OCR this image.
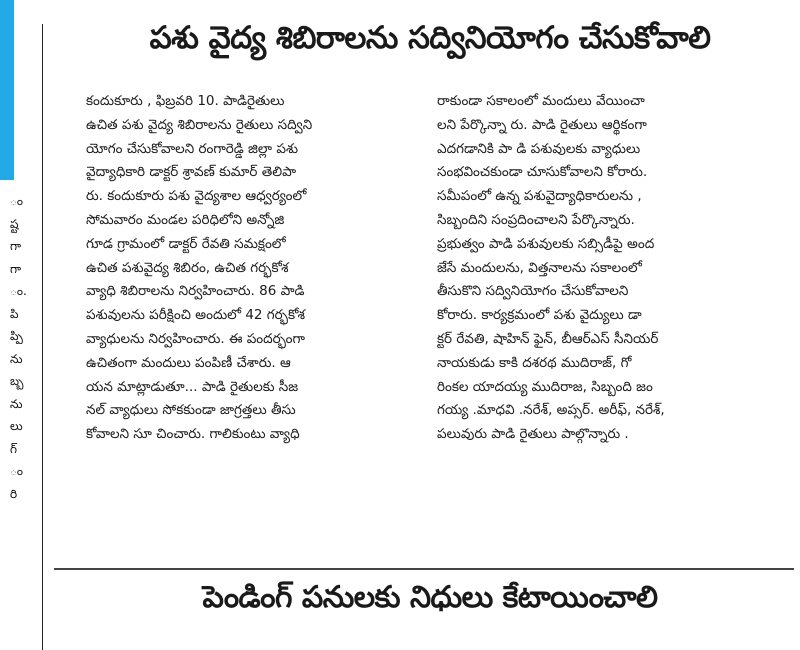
ం
ష్ట
గా
గా
ం.
పి
ప్పి
ను
బ్బ
ను
లు
గ్
ం
రి
పశు వైద్య శిబిరాలను సద్వినియోగం చేసుకోవాలి
కందుకూరు , ఫిబ్రవరి 10. పాడిరైతులు
ఉచిత పశు వైద్య శిబిరాలను రైతులు సద్విని
యోగం చేసుకోవాలని రంగారెడ్డి జిల్లా పశు
వైద్యాధికారి డాక్టర్ శ్రావణ్ కుమార్ తెలిపా
రు. కందుకూరు పశు వైద్యశాల ఆధ్వర్యంలో
సోమవారం మండల పరిధిలోని అన్నోజి
గూడ గ్రామంలో డాక్టర్ రేవతి సమక్షంలో
ఉచిత పశువైద్య శిబిరం, ఉచిత గర్భకోశ
వ్యాధి శిబిరాలను నిర్వహించారు. 86 పాడి
పశువులను పరీక్షించి అందులో 42 గర్భకోశ
వ్యాధులను నిర్వహించారు. ఈ పందర్భంగా
ఉచితంగా మందులు పంపిణీ చేశారు. ఆ
యన మాట్లాడుతూ... పాడి రైతులకు సీజ
నల్ వ్యాధులు సోకకుండా జాగ్రత్తలు తీసు
కోవాలని సూ చించారు. గాలికుంటు వ్యాధి
రాకుండా సకాలంలో మందులు వేయించా
లని పేర్కొన్నా రు. పాడి రైతులు ఆర్థికంగా
ఎదగడానికి పా డి పశువులకు వ్యాధులు
సంభవించకుండా చూసుకోవాలని కోరారు.
సమీపంలో ఉన్న పశువైద్యాధికారులను ,
సిబ్బందిని సంప్రదించాలని పేర్కొన్నారు.
ప్రభుత్వం పాడి పశువులకు సబ్సిడీపై అంద
జేసే మందులను, విత్తనాలను సకాలంలో
తీసుకొని సద్వినియోగం చేసుకోవాలని
కోరారు. కార్యక్రమంలో పశు వైద్యులు డా
క్టర్ రేవతి, షాహిన్ ఫైన్, బీఆర్ఎస్ సీనియర్
నాయకుడు కాకి దశరథ ముదిరాజ్, గో
రింకల యాదయ్య ముదిరాజ, సిబ్బంది జం
గయ్య .మాధవి .నరేశ్, అప్సర్. అరీఫ్, నరేశ్,
పలువురు పాడి రైతులు పాల్గొన్నారు .
పెండింగ్ పనులకు నిధులు కేటాయించాలి
